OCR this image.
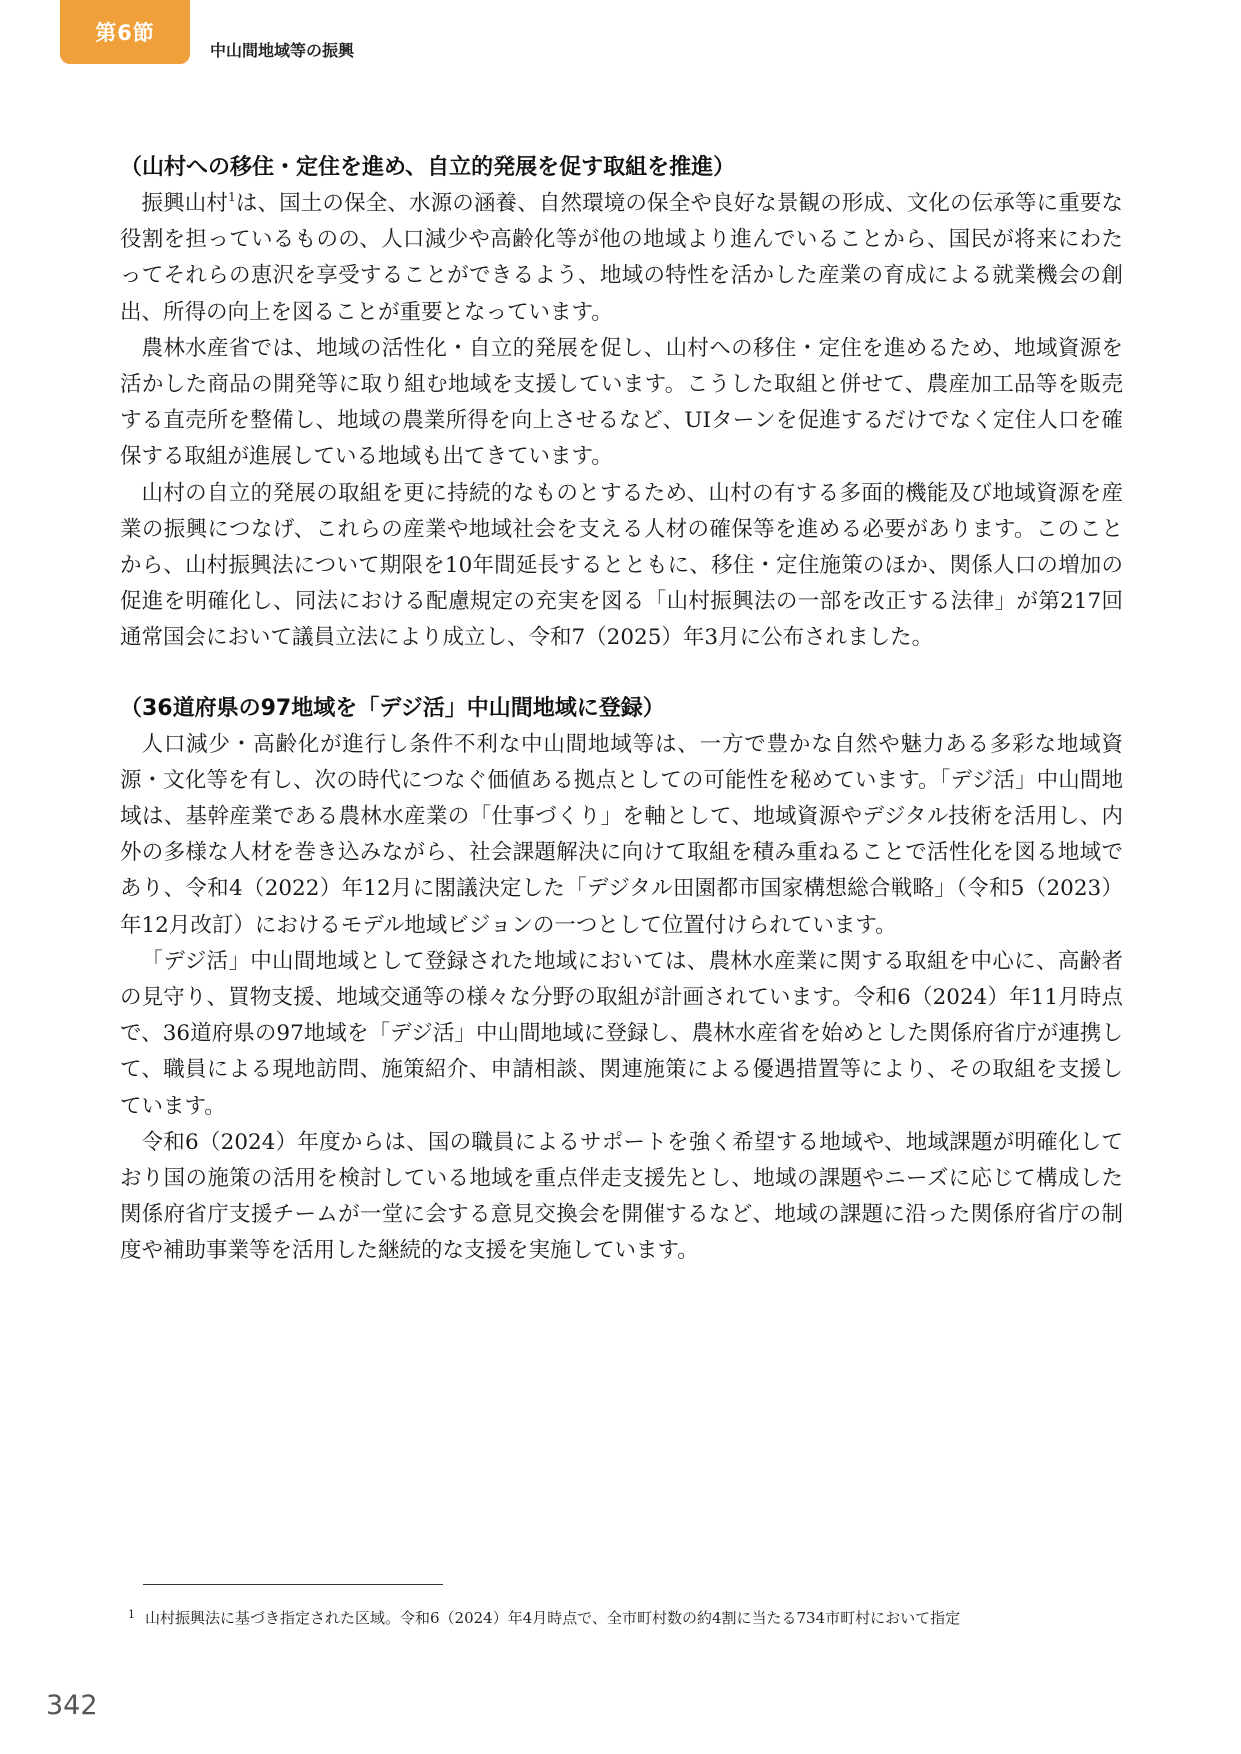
第6節
中山間地域等の振興
（山村への移住・定住を進め、自立的発展を促す取組を推進）

振興山村$^1$は、国土の保全、水源の涵養、自然環境の保全や良好な景観の形成、文化の伝承等に重要な役割を担っているものの、人口減少や高齢化等が他の地域より進んでいることから、国民が将来にわたってそれらの恵沢を享受することができるよう、地域の特性を活かした産業の育成による就業機会の創出、所得の向上を図ることが重要となっています。

農林水産省では、地域の活性化・自立的発展を促し、山村への移住・定住を進めるため、地域資源を活かした商品の開発等に取り組む地域を支援しています。こうした取組と併せて、農産加工品等を販売する直売所を整備し、地域の農業所得を向上させるなど、UIターンを促進するだけでなく定住人口を確保する取組が進展している地域も出てきています。

山村の自立的発展の取組を更に持続的なものとするため、山村の有する多面的機能及び地域資源を産業の振興につなげ、これらの産業や地域社会を支える人材の確保等を進める必要があります。このことから、山村振興法について期限を10年間延長するとともに、移住・定住施策のほか、関係人口の増加の促進を明確化し、同法における配慮規定の充実を図る「山村振興法の一部を改正する法律」が第217回通常国会において議員立法により成立し、令和7（2025）年3月に公布されました。

（36道府県の97地域を「デジ活」中山間地域に登録）

人口減少・高齢化が進行し条件不利な中山間地域等は、一方で豊かな自然や魅力ある多彩な地域資源・文化等を有し、次の時代につなぐ価値ある拠点としての可能性を秘めています。「デジ活」中山間地域は、基幹産業である農林水産業の「仕事づくり」を軸として、地域資源やデジタル技術を活用し、内外の多様な人材を巻き込みながら、社会課題解決に向けて取組を積み重ねることで活性化を図る地域であり、令和4（2022）年12月に閣議決定した「デジタル田園都市国家構想総合戦略」（令和5（2023）年12月改訂）におけるモデル地域ビジョンの一つとして位置付けられています。

「デジ活」中山間地域として登録された地域においては、農林水産業に関する取組を中心に、高齢者の見守り、買物支援、地域交通等の様々な分野の取組が計画されています。令和6（2024）年11月時点で、36道府県の97地域を「デジ活」中山間地域に登録し、農林水産省を始めとした関係府省庁が連携して、職員による現地訪問、施策紹介、申請相談、関連施策による優遇措置等により、その取組を支援しています。

令和6（2024）年度からは、国の職員によるサポートを強く希望する地域や、地域課題が明確化しており国の施策の活用を検討している地域を重点伴走支援先とし、地域の課題やニーズに応じて構成した関係府省庁支援チームが一堂に会する意見交換会を開催するなど、地域の課題に沿った関係府省庁の制度や補助事業等を活用した継続的な支援を実施しています。

$^1$ 山村振興法に基づき指定された区域。令和6（2024）年4月時点で、全市町村数の約4割に当たる734市町村において指定
342
